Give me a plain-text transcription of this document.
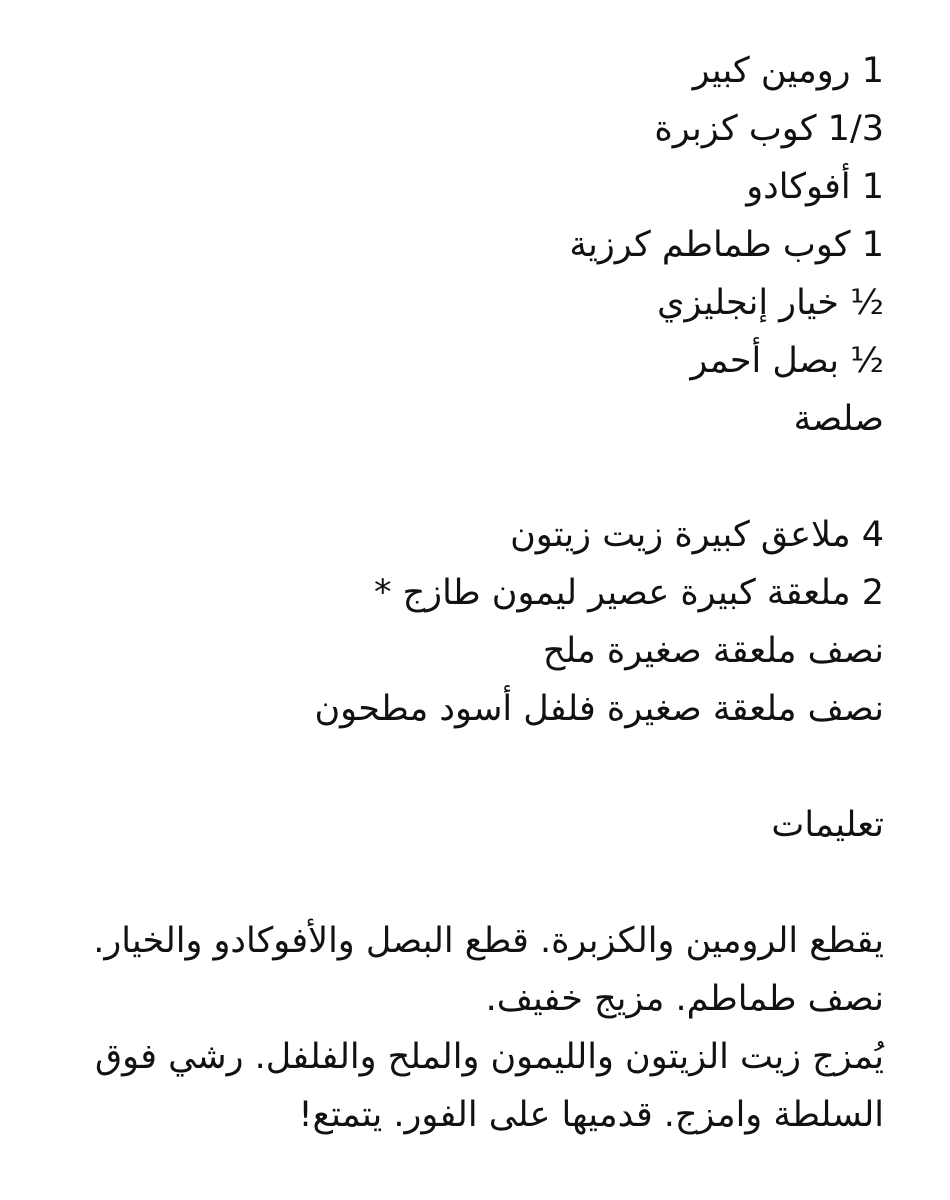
1 رومين كبير
1/3 كوب كزبرة
1 أفوكادو
1 كوب طماطم كرزية
½ خيار إنجليزي
½ بصل أحمر
صلصة
4 ملاعق كبيرة زيت زيتون
2 ملعقة كبيرة عصير ليمون طازج *
نصف ملعقة صغيرة ملح
نصف ملعقة صغيرة فلفل أسود مطحون
تعليمات
يقطع الرومين والكزبرة. قطع البصل والأفوكادو والخيار.
نصف طماطم. مزيج خفيف.
يُمزج زيت الزيتون والليمون والملح والفلفل. رشي فوق
السلطة وامزج. قدميها على الفور. يتمتع!
